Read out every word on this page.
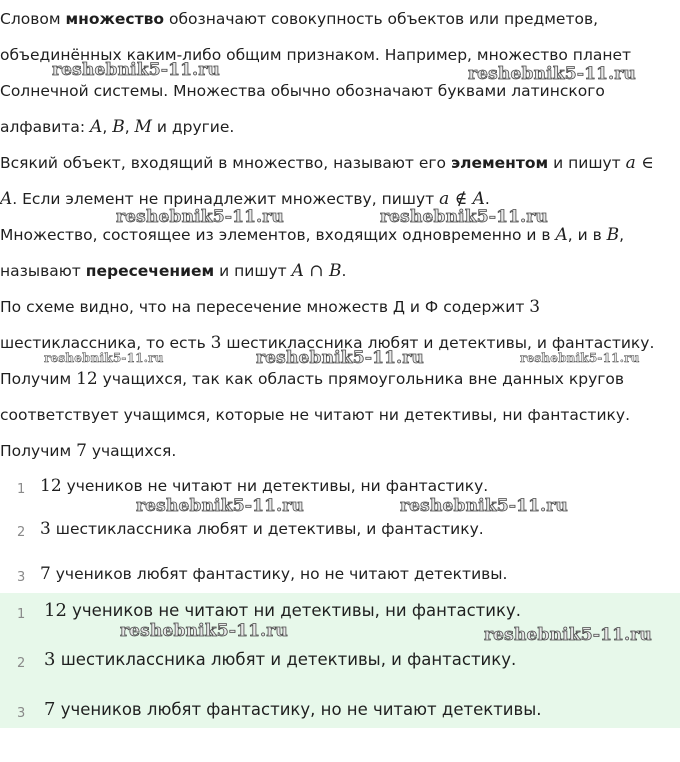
Словом множество обозначают совокупность объектов или предметов,
объединённых каким-либо общим признаком. Например, множество планет
Солнечной системы. Множества обычно обозначают буквами латинского
алфавита: A, B, M и другие.
Всякий объект, входящий в множество, называют его элементом и пишут a ∈
A. Если элемент не принадлежит множеству, пишут a ∉ A.
Множество, состоящее из элементов, входящих одновременно и в A, и в B,
называют пересечением и пишут A ∩ B.
По схеме видно, что на пересечение множеств Д и Ф содержит 3
шестиклассника, то есть 3 шестиклассника любят и детективы, и фантастику.
Получим 12 учащихся, так как область прямоугольника вне данных кругов
соответствует учащимся, которые не читают ни детективы, ни фантастику.
Получим 7 учащихся.
1 12 учеников не читают ни детективы, ни фантастику.
2 3 шестиклассника любят и детективы, и фантастику.
3 7 учеников любят фантастику, но не читают детективы.
1 12 учеников не читают ни детективы, ни фантастику.
2 3 шестиклассника любят и детективы, и фантастику.
3 7 учеников любят фантастику, но не читают детективы.
reshebnik5-11.ru	reshebnik5-11.ru
reshebnik5-11.ru	reshebnik5-11.ru
reshebnik5-11.ru	reshebnik5-11.ru	reshebnik5-11.ru
reshebnik5-11.ru	reshebnik5-11.ru
reshebnik5-11.ru	reshebnik5-11.ru
